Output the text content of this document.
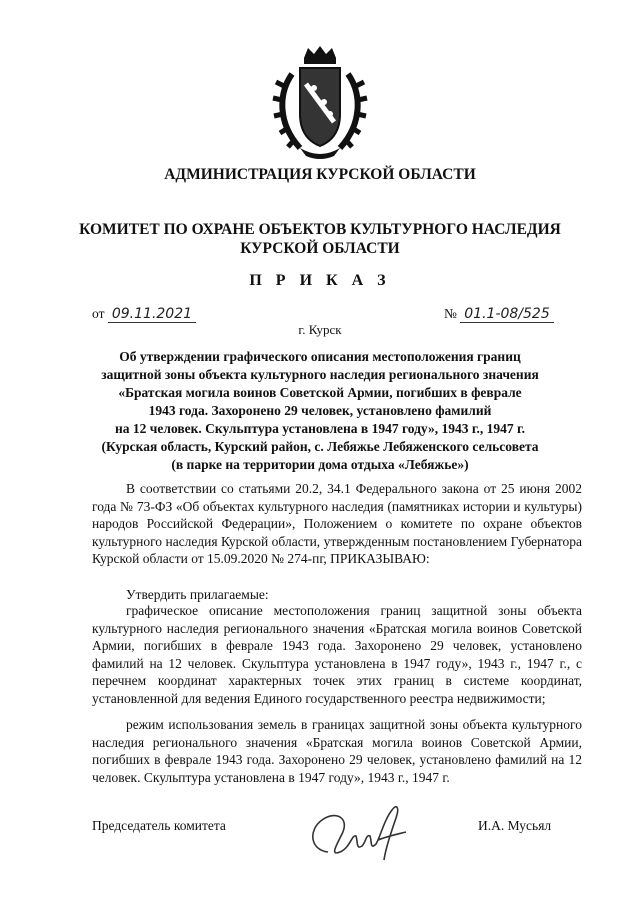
АДМИНИСТРАЦИЯ КУРСКОЙ ОБЛАСТИ
КОМИТЕТ ПО ОХРАНЕ ОБЪЕКТОВ КУЛЬТУРНОГО НАСЛЕДИЯ
КУРСКОЙ ОБЛАСТИ
П Р И К А З
от 09.11.2021	№ 01.1-08/525
г. Курск
Об утверждении графического описания местоположения границ
защитной зоны объекта культурного наследия регионального значения
«Братская могила воинов Советской Армии, погибших в феврале
1943 года. Захоронено 29 человек, установлено фамилий
на 12 человек. Скульптура установлена в 1947 году», 1943 г., 1947 г.
(Курская область, Курский район, с. Лебяжье Лебяженского сельсовета
(в парке на территории дома отдыха «Лебяжье»)
В соответствии со статьями 20.2, 34.1 Федерального закона от 25 июня 2002 года № 73-ФЗ «Об объектах культурного наследия (памятниках истории и культуры) народов Российской Федерации», Положением о комитете по охране объектов культурного наследия Курской области, утвержденным постановлением Губернатора Курской области от 15.09.2020 № 274-пг, ПРИКАЗЫВАЮ:
Утвердить прилагаемые:
графическое описание местоположения границ защитной зоны объекта культурного наследия регионального значения «Братская могила воинов Советской Армии, погибших в феврале 1943 года. Захоронено 29 человек, установлено фамилий на 12 человек. Скульптура установлена в 1947 году», 1943 г., 1947 г., с перечнем координат характерных точек этих границ в системе координат, установленной для ведения Единого государственного реестра недвижимости;
режим использования земель в границах защитной зоны объекта культурного наследия регионального значения «Братская могила воинов Советской Армии, погибших в феврале 1943 года. Захоронено 29 человек, установлено фамилий на 12 человек. Скульптура установлена в 1947 году», 1943 г., 1947 г.
Председатель комитета	И.А. Мусьял
